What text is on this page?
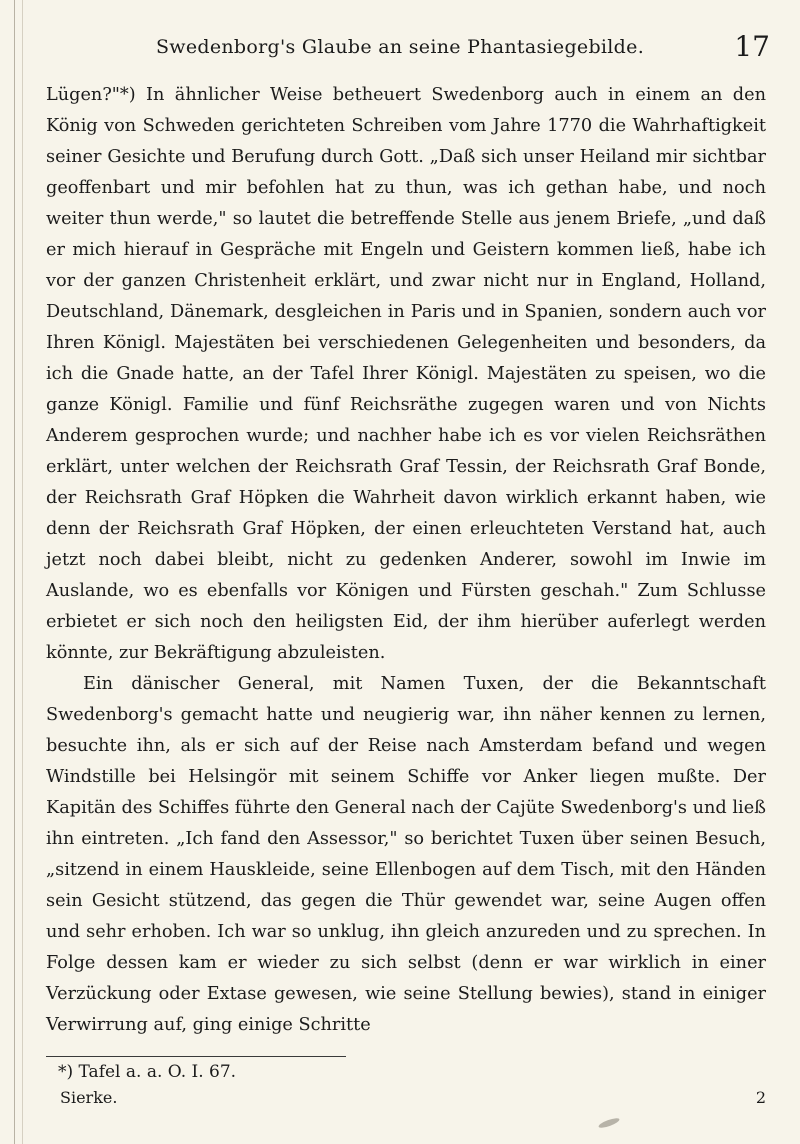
Swedenborg's Glaube an seine Phantasiegebilde.	17

Lügen?"*) In ähnlicher Weise betheuert Swedenborg auch in einem an den König von Schweden gerichteten Schreiben vom Jahre 1770 die Wahrhaftigkeit seiner Gesichte und Berufung durch Gott. „Daß sich unser Heiland mir sichtbar geoffenbart und mir befohlen hat zu thun, was ich gethan habe, und noch weiter thun werde," so lautet die betreffende Stelle aus jenem Briefe, „und daß er mich hierauf in Gespräche mit Engeln und Geistern kommen ließ, habe ich vor der ganzen Christenheit erklärt, und zwar nicht nur in England, Holland, Deutschland, Dänemark, desgleichen in Paris und in Spanien, sondern auch vor Ihren Königl. Majestäten bei verschiedenen Gelegenheiten und besonders, da ich die Gnade hatte, an der Tafel Ihrer Königl. Majestäten zu speisen, wo die ganze Königl. Familie und fünf Reichsräthe zugegen waren und von Nichts Anderem gesprochen wurde; und nachher habe ich es vor vielen Reichsräthen erklärt, unter welchen der Reichsrath Graf Tessin, der Reichsrath Graf Bonde, der Reichsrath Graf Höpken die Wahrheit davon wirklich erkannt haben, wie denn der Reichsrath Graf Höpken, der einen erleuchteten Verstand hat, auch jetzt noch dabei bleibt, nicht zu gedenken Anderer, sowohl im Inwie im Auslande, wo es ebenfalls vor Königen und Fürsten geschah." Zum Schlusse erbietet er sich noch den heiligsten Eid, der ihm hierüber auferlegt werden könnte, zur Bekräftigung abzuleisten.

Ein dänischer General, mit Namen Tuxen, der die Bekanntschaft Swedenborg's gemacht hatte und neugierig war, ihn näher kennen zu lernen, besuchte ihn, als er sich auf der Reise nach Amsterdam befand und wegen Windstille bei Helsingör mit seinem Schiffe vor Anker liegen mußte. Der Kapitän des Schiffes führte den General nach der Cajüte Swedenborg's und ließ ihn eintreten. „Ich fand den Assessor," so berichtet Tuxen über seinen Besuch, „sitzend in einem Hauskleide, seine Ellenbogen auf dem Tisch, mit den Händen sein Gesicht stützend, das gegen die Thür gewendet war, seine Augen offen und sehr erhoben. Ich war so unklug, ihn gleich anzureden und zu sprechen. In Folge dessen kam er wieder zu sich selbst (denn er war wirklich in einer Verzückung oder Extase gewesen, wie seine Stellung bewies), stand in einiger Verwirrung auf, ging einige Schritte

*) Tafel a. a. O. I. 67.
Sierke.	2
